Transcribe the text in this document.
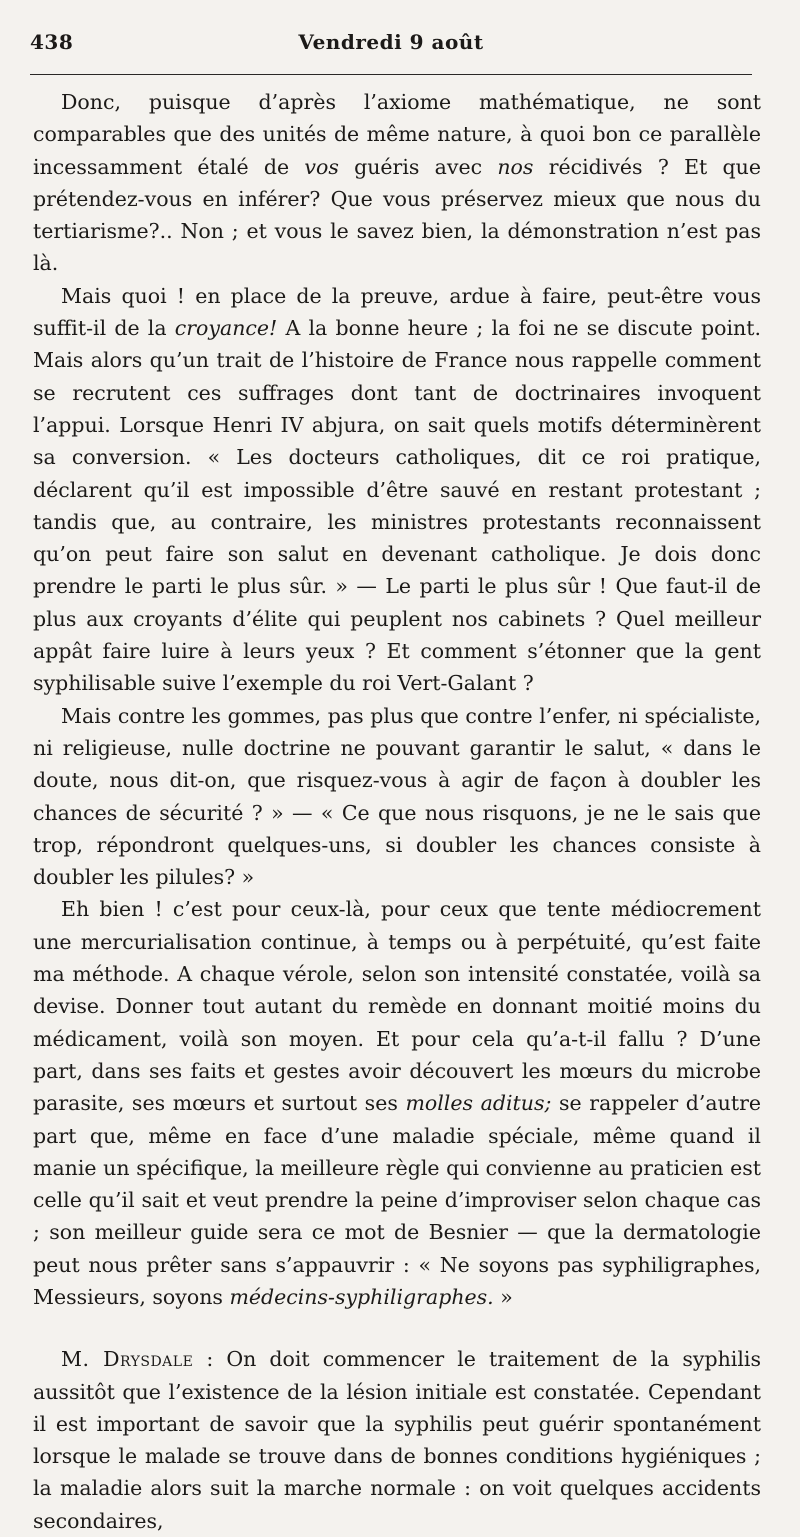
438	Vendredi 9 août

Donc, puisque d’après l’axiome mathématique, ne sont comparables que des unités de même nature, à quoi bon ce parallèle incessamment étalé de vos guéris avec nos récidivés ? Et que prétendez-vous en inférer? Que vous préservez mieux que nous du tertiarisme?.. Non ; et vous le savez bien, la démonstration n’est pas là.

Mais quoi ! en place de la preuve, ardue à faire, peut-être vous suffit-il de la croyance! A la bonne heure ; la foi ne se discute point. Mais alors qu’un trait de l’histoire de France nous rappelle comment se recrutent ces suffrages dont tant de doctrinaires invoquent l’appui. Lorsque Henri IV abjura, on sait quels motifs déterminèrent sa conversion. « Les docteurs catholiques, dit ce roi pratique, déclarent qu’il est impossible d’être sauvé en restant protestant ; tandis que, au contraire, les ministres protestants reconnaissent qu’on peut faire son salut en devenant catholique. Je dois donc prendre le parti le plus sûr. » — Le parti le plus sûr ! Que faut-il de plus aux croyants d’élite qui peuplent nos cabinets ? Quel meilleur appât faire luire à leurs yeux ? Et comment s’étonner que la gent syphilisable suive l’exemple du roi Vert-Galant ?

Mais contre les gommes, pas plus que contre l’enfer, ni spécialiste, ni religieuse, nulle doctrine ne pouvant garantir le salut, « dans le doute, nous dit-on, que risquez-vous à agir de façon à doubler les chances de sécurité ? » — « Ce que nous risquons, je ne le sais que trop, répondront quelques-uns, si doubler les chances consiste à doubler les pilules? »

Eh bien ! c’est pour ceux-là, pour ceux que tente médiocrement une mercurialisation continue, à temps ou à perpétuité, qu’est faite ma méthode. A chaque vérole, selon son intensité constatée, voilà sa devise. Donner tout autant du remède en donnant moitié moins du médicament, voilà son moyen. Et pour cela qu’a-t-il fallu ? D’une part, dans ses faits et gestes avoir découvert les mœurs du microbe parasite, ses mœurs et surtout ses molles aditus; se rappeler d’autre part que, même en face d’une maladie spéciale, même quand il manie un spécifique, la meilleure règle qui convienne au praticien est celle qu’il sait et veut prendre la peine d’improviser selon chaque cas ; son meilleur guide sera ce mot de Besnier — que la dermatologie peut nous prêter sans s’appauvrir : « Ne soyons pas syphiligraphes, Messieurs, soyons médecins-syphiligraphes. »

M. Drysdale : On doit commencer le traitement de la syphilis aussitôt que l’existence de la lésion initiale est constatée. Cependant il est important de savoir que la syphilis peut guérir spontanément lorsque le malade se trouve dans de bonnes conditions hygiéniques ; la maladie alors suit la marche normale : on voit quelques accidents secondaires,
